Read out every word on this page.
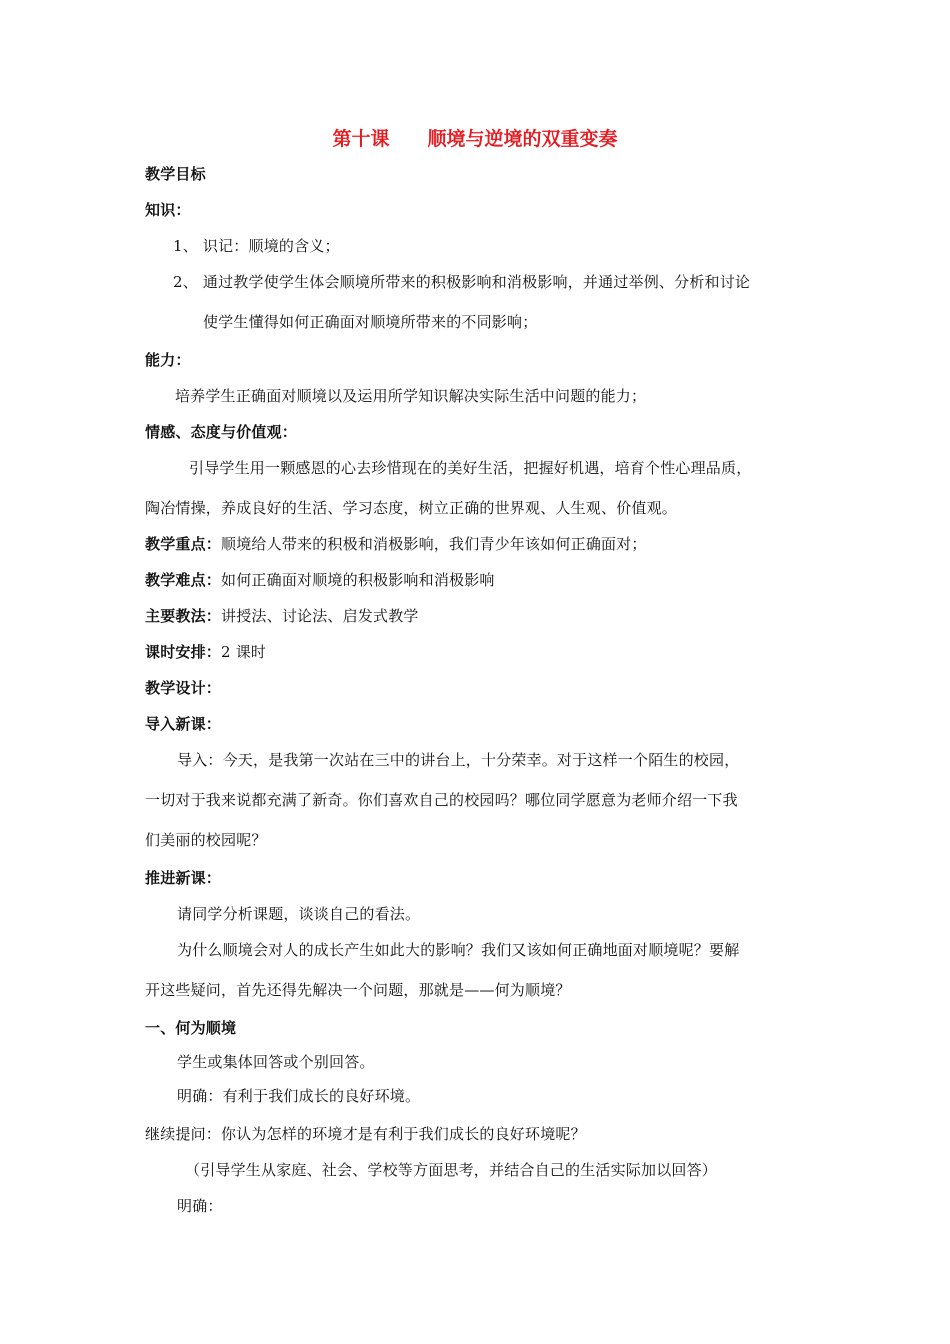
第十课　　顺境与逆境的双重变奏
教学目标
知识：
1、 识记：顺境的含义；
2、 通过教学使学生体会顺境所带来的积极影响和消极影响，并通过举例、分析和讨论
使学生懂得如何正确面对顺境所带来的不同影响；
能力：
培养学生正确面对顺境以及运用所学知识解决实际生活中问题的能力；
情感、态度与价值观：
引导学生用一颗感恩的心去珍惜现在的美好生活，把握好机遇，培育个性心理品质，
陶冶情操，养成良好的生活、学习态度，树立正确的世界观、人生观、价值观。
教学重点：顺境给人带来的积极和消极影响，我们青少年该如何正确面对；
教学难点：如何正确面对顺境的积极影响和消极影响
主要教法：讲授法、讨论法、启发式教学
课时安排：2 课时
教学设计：
导入新课：
导入：今天，是我第一次站在三中的讲台上，十分荣幸。对于这样一个陌生的校园，
一切对于我来说都充满了新奇。你们喜欢自己的校园吗？哪位同学愿意为老师介绍一下我
们美丽的校园呢？
推进新课：
请同学分析课题，谈谈自己的看法。
为什么顺境会对人的成长产生如此大的影响？我们又该如何正确地面对顺境呢？要解
开这些疑问，首先还得先解决一个问题，那就是——何为顺境？
一、何为顺境
学生或集体回答或个别回答。
明确：有利于我们成长的良好环境。
继续提问：你认为怎样的环境才是有利于我们成长的良好环境呢？
（引导学生从家庭、社会、学校等方面思考，并结合自己的生活实际加以回答）
明确：
